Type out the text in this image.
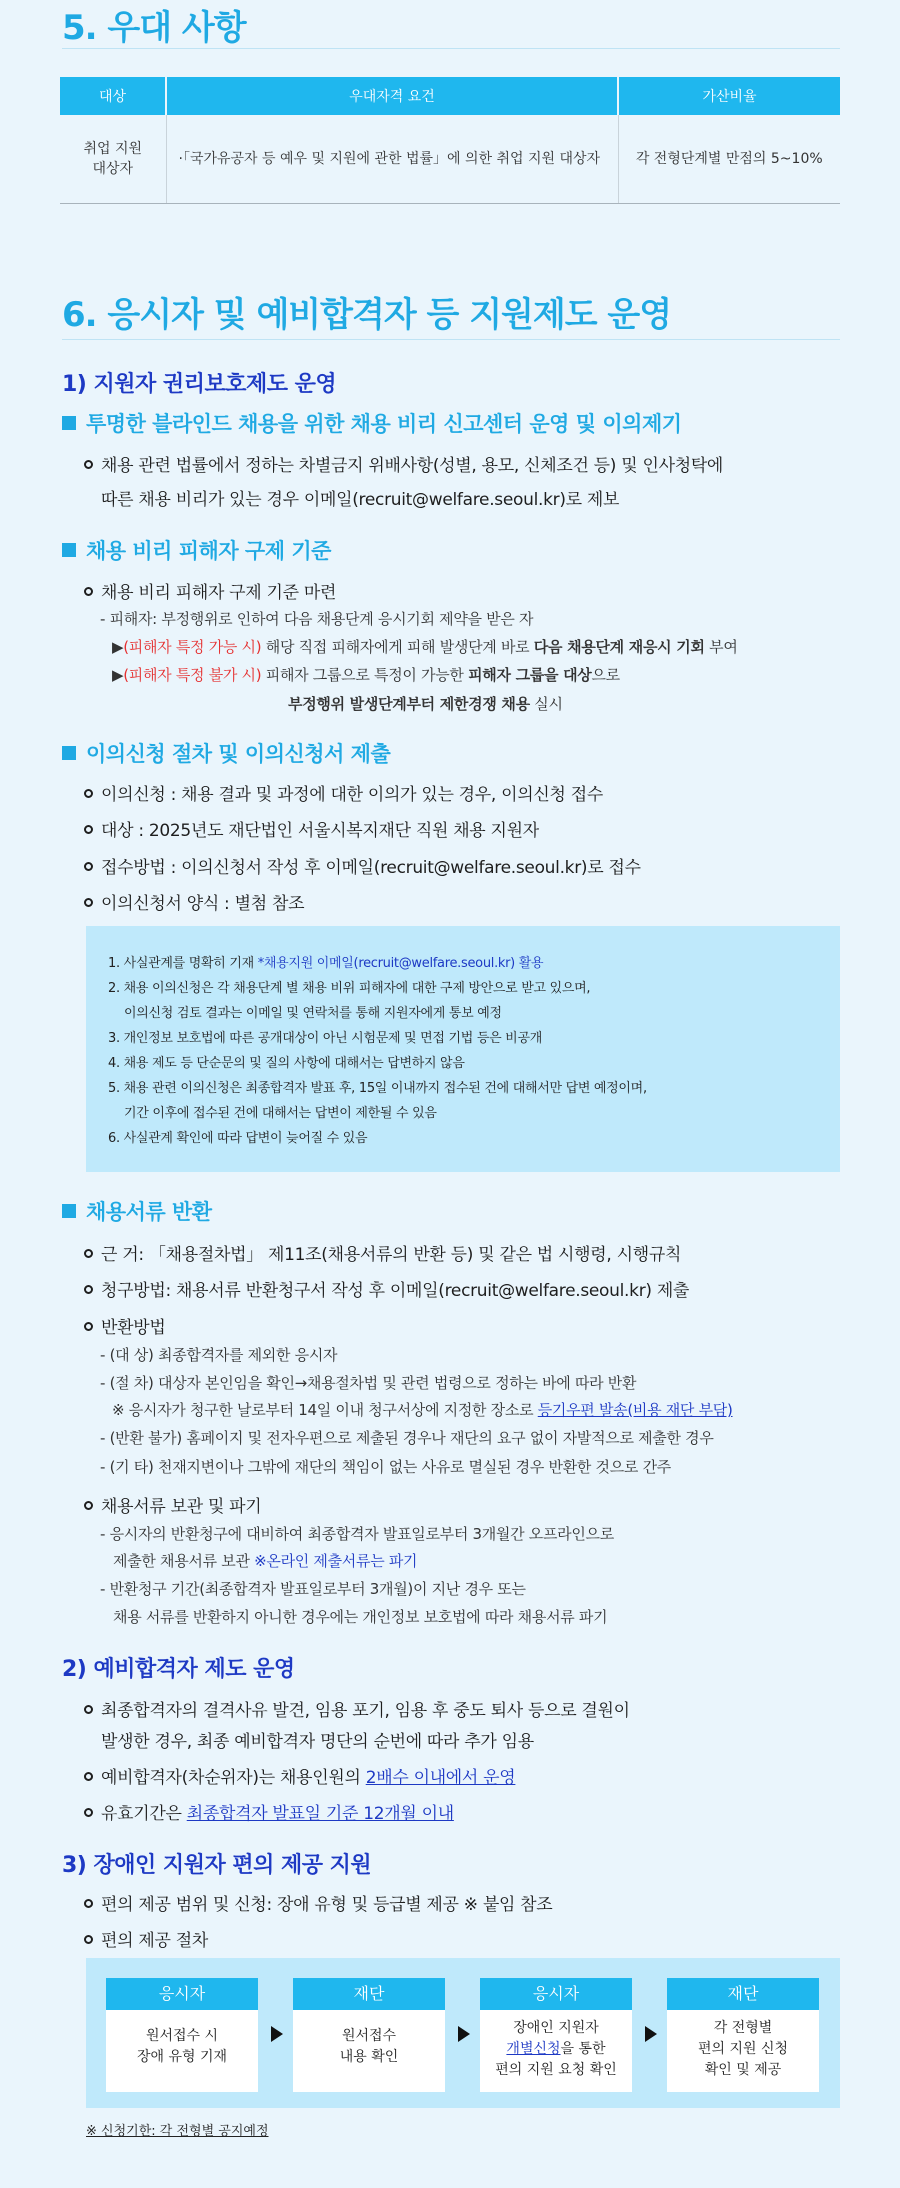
5. 우대 사항
대상	우대자격 요건	가산비율
취업 지원 대상자	·「국가유공자 등 예우 및 지원에 관한 법률」에 의한 취업 지원 대상자	각 전형단계별 만점의 5~10%
6. 응시자 및 예비합격자 등 지원제도 운영
1) 지원자 권리보호제도 운영
투명한 블라인드 채용을 위한 채용 비리 신고센터 운영 및 이의제기
채용 관련 법률에서 정하는 차별금지 위배사항(성별, 용모, 신체조건 등) 및 인사청탁에
따른 채용 비리가 있는 경우 이메일(recruit@welfare.seoul.kr)로 제보
채용 비리 피해자 구제 기준
채용 비리 피해자 구제 기준 마련
- 피해자: 부정행위로 인하여 다음 채용단계 응시기회 제약을 받은 자
▶(피해자 특정 가능 시) 해당 직접 피해자에게 피해 발생단계 바로 다음 채용단계 재응시 기회 부여
▶(피해자 특정 불가 시) 피해자 그룹으로 특정이 가능한 피해자 그룹을 대상으로
부정행위 발생단계부터 제한경쟁 채용 실시
이의신청 절차 및 이의신청서 제출
이의신청 : 채용 결과 및 과정에 대한 이의가 있는 경우, 이의신청 접수
대상 : 2025년도 재단법인 서울시복지재단 직원 채용 지원자
접수방법 : 이의신청서 작성 후 이메일(recruit@welfare.seoul.kr)로 접수
이의신청서 양식 : 별첨 참조
1. 사실관계를 명확히 기재 *채용지원 이메일(recruit@welfare.seoul.kr) 활용
2. 채용 이의신청은 각 채용단계 별 채용 비위 피해자에 대한 구제 방안으로 받고 있으며,
이의신청 검토 결과는 이메일 및 연락처를 통해 지원자에게 통보 예정
3. 개인정보 보호법에 따른 공개대상이 아닌 시험문제 및 면접 기법 등은 비공개
4. 채용 제도 등 단순문의 및 질의 사항에 대해서는 답변하지 않음
5. 채용 관련 이의신청은 최종합격자 발표 후, 15일 이내까지 접수된 건에 대해서만 답변 예정이며,
기간 이후에 접수된 건에 대해서는 답변이 제한될 수 있음
6. 사실관계 확인에 따라 답변이 늦어질 수 있음
채용서류 반환
근 거: 「채용절차법」 제11조(채용서류의 반환 등) 및 같은 법 시행령, 시행규칙
청구방법: 채용서류 반환청구서 작성 후 이메일(recruit@welfare.seoul.kr) 제출
반환방법
- (대 상) 최종합격자를 제외한 응시자
- (절 차) 대상자 본인임을 확인→채용절차법 및 관련 법령으로 정하는 바에 따라 반환
※ 응시자가 청구한 날로부터 14일 이내 청구서상에 지정한 장소로 등기우편 발송(비용 재단 부담)
- (반환 불가) 홈페이지 및 전자우편으로 제출된 경우나 재단의 요구 없이 자발적으로 제출한 경우
- (기 타) 천재지변이나 그밖에 재단의 책임이 없는 사유로 멸실된 경우 반환한 것으로 간주
채용서류 보관 및 파기
- 응시자의 반환청구에 대비하여 최종합격자 발표일로부터 3개월간 오프라인으로
제출한 채용서류 보관 ※온라인 제출서류는 파기
- 반환청구 기간(최종합격자 발표일로부터 3개월)이 지난 경우 또는
채용 서류를 반환하지 아니한 경우에는 개인정보 보호법에 따라 채용서류 파기
2) 예비합격자 제도 운영
최종합격자의 결격사유 발견, 임용 포기, 임용 후 중도 퇴사 등으로 결원이
발생한 경우, 최종 예비합격자 명단의 순번에 따라 추가 임용
예비합격자(차순위자)는 채용인원의 2배수 이내에서 운영
유효기간은 최종합격자 발표일 기준 12개월 이내
3) 장애인 지원자 편의 제공 지원
편의 제공 범위 및 신청: 장애 유형 및 등급별 제공 ※ 붙임 참조
편의 제공 절차
응시자
원서접수 시
장애 유형 기재
재단
원서접수
내용 확인
응시자
장애인 지원자
개별신청을 통한
편의 지원 요청 확인
재단
각 전형별
편의 지원 신청
확인 및 제공
※ 신청기한: 각 전형별 공지예정
